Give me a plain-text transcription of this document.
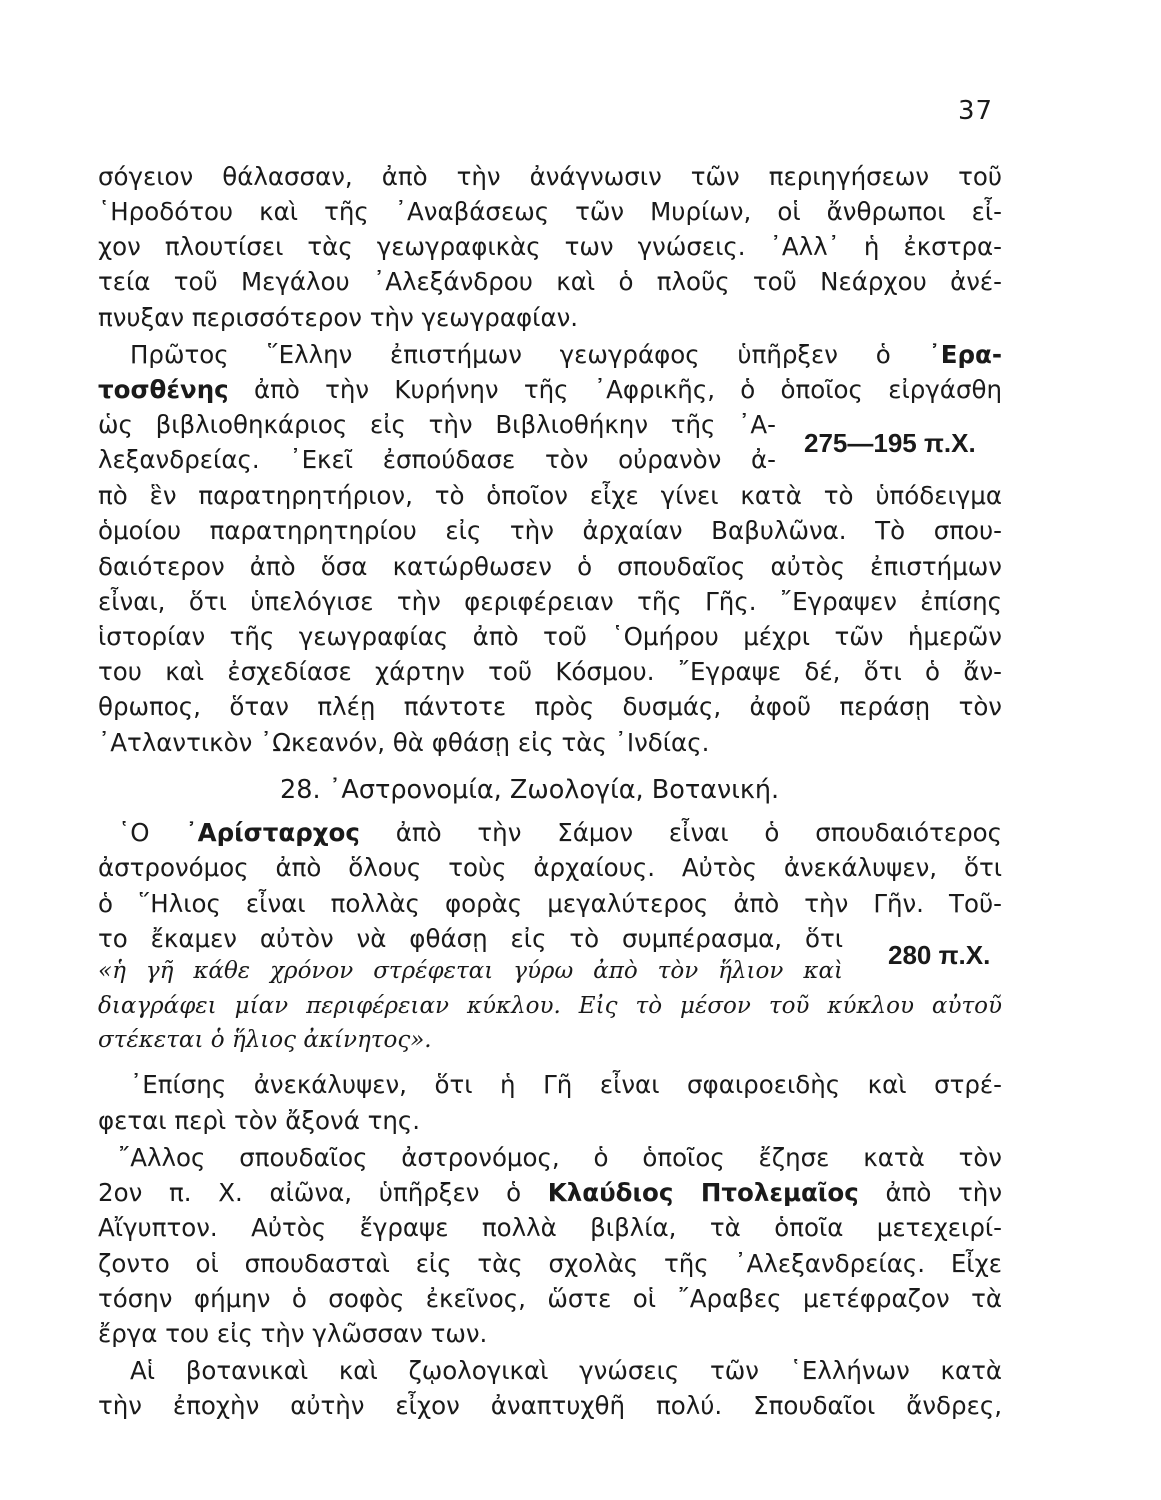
37
σόγειον θάλασσαν, ἀπὸ τὴν ἀνάγνωσιν τῶν περιηγήσεων τοῦ
῾Ηροδότου καὶ τῆς ᾿Αναβάσεως τῶν Μυρίων, οἱ ἄνθρωποι εἶ-
χον πλουτίσει τὰς γεωγραφικὰς των γνώσεις. ᾿Αλλ᾿ ἡ ἐκστρα-
τεία τοῦ Μεγάλου ᾿Αλεξάνδρου καὶ ὁ πλοῦς τοῦ Νεάρχου ἀνέ-
πνυξαν περισσότερον τὴν γεωγραφίαν.
Πρῶτος ῞Ελλην ἐπιστήμων γεωγράφος ὑπῆρξεν ὁ ᾿Ερα-
τοσθένης ἀπὸ τὴν Κυρήνην τῆς ᾿Αφρικῆς, ὁ ὁποῖος εἰργάσθη
ὡς βιβλιοθηκάριος εἰς τὴν Βιβλιοθήκην τῆς ᾿Α-
λεξανδρείας. ᾿Εκεῖ ἐσπούδασε τὸν οὐρανὸν ἀ-
275—195 π.Χ.
πὸ ἓν παρατηρητήριον, τὸ ὁποῖον εἶχε γίνει κατὰ τὸ ὑπόδειγμα
ὁμοίου παρατηρητηρίου εἰς τὴν ἀρχαίαν Βαβυλῶνα. Τὸ σπου-
δαιότερον ἀπὸ ὅσα κατώρθωσεν ὁ σπουδαῖος αὐτὸς ἐπιστήμων
εἶναι, ὅτι ὑπελόγισε τὴν φεριφέρειαν τῆς Γῆς. ῎Εγραψεν ἐπίσης
ἱστορίαν τῆς γεωγραφίας ἀπὸ τοῦ ῾Ομήρου μέχρι τῶν ἡμερῶν
του καὶ ἐσχεδίασε χάρτην τοῦ Κόσμου. ῎Εγραψε δέ, ὅτι ὁ ἄν-
θρωπος, ὅταν πλέῃ πάντοτε πρὸς δυσμάς, ἀφοῦ περάσῃ τὸν
᾿Ατλαντικὸν ᾿Ωκεανόν, θὰ φθάσῃ εἰς τὰς ᾿Ινδίας.
28. ᾿Αστρονομία, Ζωολογία, Βοτανική.
῾Ο ᾿Αρίσταρχος ἀπὸ τὴν Σάμον εἶναι ὁ σπουδαιότερος
ἀστρονόμος ἀπὸ ὅλους τοὺς ἀρχαίους. Αὐτὸς ἀνεκάλυψεν, ὅτι
ὁ ῞Ηλιος εἶναι πολλὰς φορὰς μεγαλύτερος ἀπὸ τὴν Γῆν. Τοῦ-
το ἔκαμεν αὐτὸν νὰ φθάσῃ εἰς τὸ συμπέρασμα, ὅτι
280 π.Χ.
«ἡ γῆ κάθε χρόνον στρέφεται γύρω ἀπὸ τὸν ἥλιον καὶ
διαγράφει μίαν περιφέρειαν κύκλου. Εἰς τὸ μέσον τοῦ κύκλου αὐτοῦ
στέκεται ὁ ἥλιος ἀκίνητος».
᾿Επίσης ἀνεκάλυψεν, ὅτι ἡ Γῆ εἶναι σφαιροειδὴς καὶ στρέ-
φεται περὶ τὸν ἄξονά της.
῎Αλλος σπουδαῖος ἀστρονόμος, ὁ ὁποῖος ἔζησε κατὰ τὸν
2ον π. Χ. αἰῶνα, ὑπῆρξεν ὁ Κλαύδιος Πτολεμαῖος ἀπὸ τὴν
Αἴγυπτον. Αὐτὸς ἔγραψε πολλὰ βιβλία, τὰ ὁποῖα μετεχειρί-
ζοντο οἱ σπουδασταὶ εἰς τὰς σχολὰς τῆς ᾿Αλεξανδρείας. Εἶχε
τόσην φήμην ὁ σοφὸς ἐκεῖνος, ὥστε οἱ ῎Αραβες μετέφραζον τὰ
ἔργα του εἰς τὴν γλῶσσαν των.
Αἱ βοτανικαὶ καὶ ζῳολογικαὶ γνώσεις τῶν ῾Ελλήνων κατὰ
τὴν ἐποχὴν αὐτὴν εἶχον ἀναπτυχθῆ πολύ. Σπουδαῖοι ἄνδρες,
